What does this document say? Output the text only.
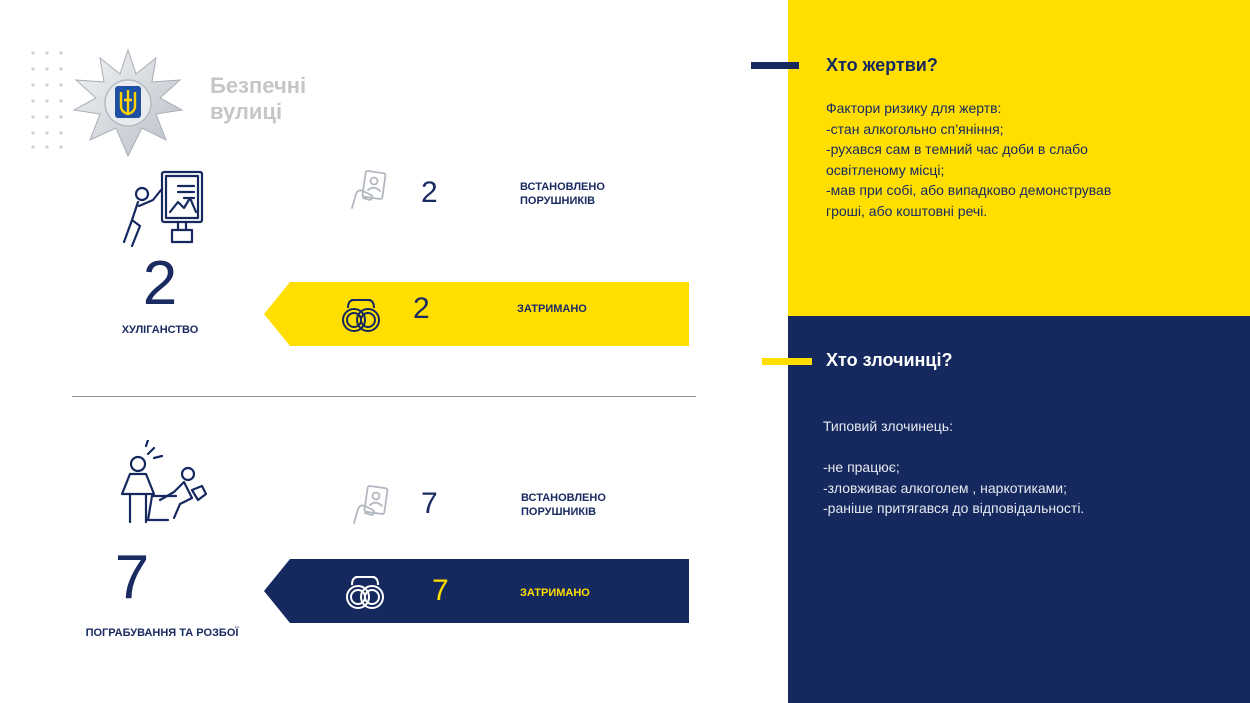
Безпечні
вулиці
2
ХУЛІГАНСТВО
2	ВСТАНОВЛЕНО
ПОРУШНИКІВ
2	ЗАТРИМАНО
7
ПОГРАБУВАННЯ ТА РОЗБОЇ
7	ВСТАНОВЛЕНО
ПОРУШНИКІВ
7	ЗАТРИМАНО
Хто жертви?
Фактори ризику для жертв:
-стан алкогольно сп’яніння;
-рухався сам в темний час доби в слабо
освітленому місці;
-мав при собі, або випадково демонстрував
гроші, або коштовні речі.
Хто злочинці?
Типовий злочинець:

-не працює;
-зловживає алкоголем , наркотиками;
-раніше притягався до відповідальності.
